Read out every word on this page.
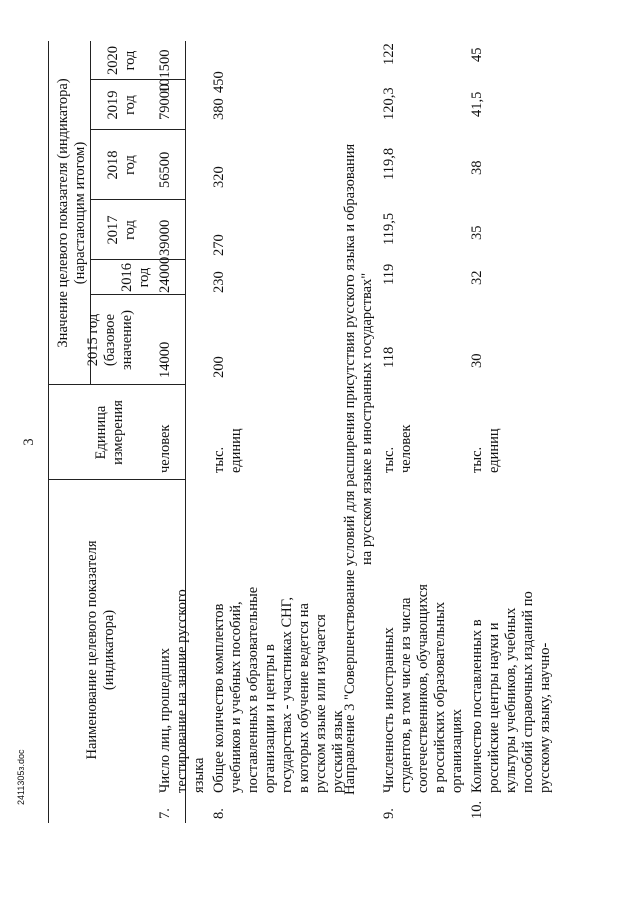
3
Наименование целевого показателя (индикатора)
Единица измерения
2015 год (базовое значение)
Значение целевого показателя (индикатора) (нарастающим итогом) 2016 год
2017 год
2018 год
2019 год
2020 год
7.
Число лиц, прошедших тестирование на знание русского языка
человек
14000
24000
39000
56500
79000
101500
8.
Общее количество комплектов учебников и учебных пособий, поставленных в образовательные организации и центры в государствах - участниках СНГ, в которых обучение ведется на русском языке или изучается русский язык
тыс. единиц
200
230
270
320
380
450
Направление 3 "Совершенствование условий для расширения присутствия русского языка и образования на русском языке в иностранных государствах"
9.
Численность иностранных студентов, в том числе из числа соотечественников, обучающихся в российских образовательных организациях
тыс. человек
118
119
119,5
119,8
120,3
122
10.
Количество поставленных в российские центры науки и культуры учебников, учебных пособий справочных изданий по русскому языку, научно-
тыс. единиц
30
32
35
38
41,5
45
2411305з.doc
